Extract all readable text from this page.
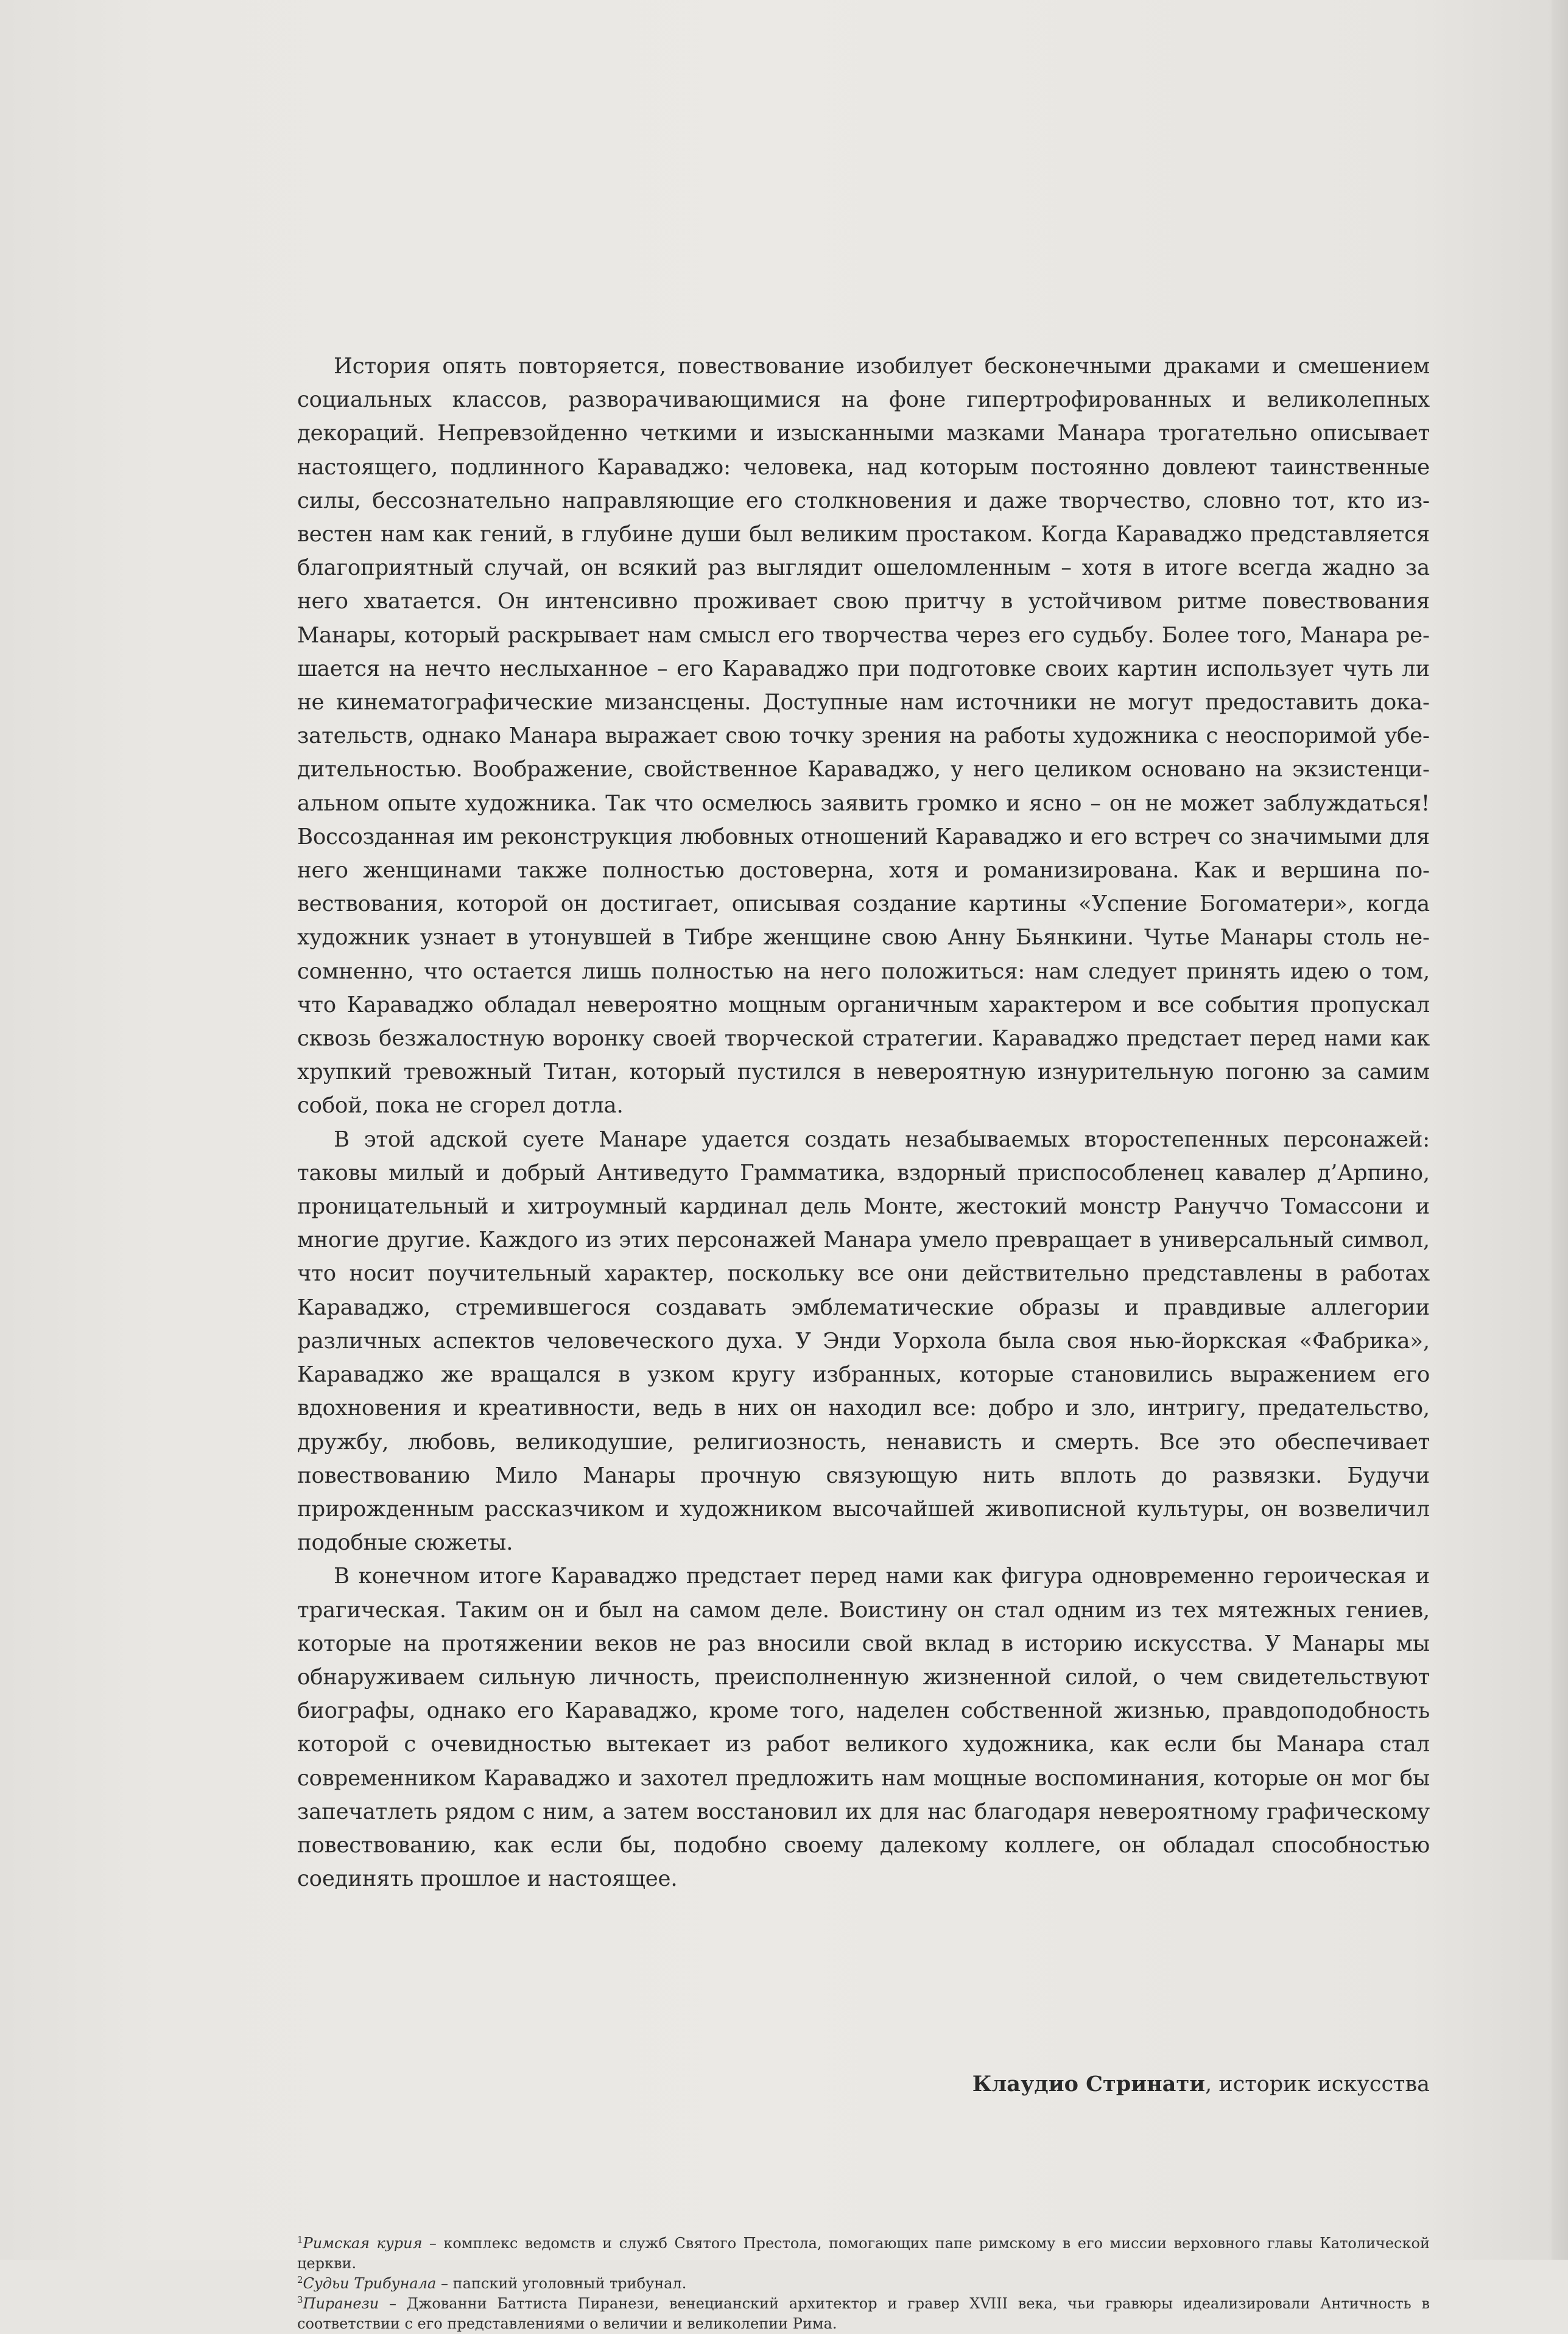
История опять повторяется, повествование изобилует бесконечными драками и смешением социальных классов, разворачивающимися на фоне гипертрофированных и великолепных декораций. Непревзойденно четкими и изысканными мазками Манара трогательно описывает настоящего, подлинного Караваджо: человека, над которым постоянно довлеют таинственные силы, бессознательно направляющие его столкновения и даже творчество, словно тот, кто известен нам как гений, в глубине души был великим простаком. Когда Караваджо представляется благоприятный случай, он всякий раз выглядит ошеломленным – хотя в итоге всегда жадно за него хватается. Он интенсивно проживает свою притчу в устойчивом ритме повествования Манары, который раскрывает нам смысл его творчества через его судьбу. Более того, Манара решается на нечто неслыханное – его Караваджо при подготовке своих картин использует чуть ли не кинематографические мизансцены. Доступные нам источники не могут предоставить доказательств, однако Манара выражает свою точку зрения на работы художника с неоспоримой убедительностью. Воображение, свойственное Караваджо, у него целиком основано на экзистенциальном опыте художника. Так что осмелюсь заявить громко и ясно – он не может заблуждаться! Воссозданная им реконструкция любовных отношений Караваджо и его встреч со значимыми для него женщинами также полностью достоверна, хотя и романизирована. Как и вершина повествования, которой он достигает, описывая создание картины «Успение Богоматери», когда художник узнает в утонувшей в Тибре женщине свою Анну Бьянкини. Чутье Манары столь несомненно, что остается лишь полностью на него положиться: нам следует принять идею о том, что Караваджо обладал невероятно мощным органичным характером и все события пропускал сквозь безжалостную воронку своей творческой стратегии. Караваджо предстает перед нами как хрупкий тревожный Титан, который пустился в невероятную изнурительную погоню за самим собой, пока не сгорел дотла.

В этой адской суете Манаре удается создать незабываемых второстепенных персонажей: таковы милый и добрый Антиведуто Грамматика, вздорный приспособленец кавалер д’Арпино, проницательный и хитроумный кардинал дель Монте, жестокий монстр Рануччо Томассони и многие другие. Каждого из этих персонажей Манара умело превращает в универсальный символ, что носит поучительный характер, поскольку все они действительно представлены в работах Караваджо, стремившегося создавать эмблематические образы и правдивые аллегории различных аспектов человеческого духа. У Энди Уорхола была своя нью-йоркская «Фабрика», Караваджо же вращался в узком кругу избранных, которые становились выражением его вдохновения и креативности, ведь в них он находил все: добро и зло, интригу, предательство, дружбу, любовь, великодушие, религиозность, ненависть и смерть. Все это обеспечивает повествованию Мило Манары прочную связующую нить вплоть до развязки. Будучи прирожденным рассказчиком и художником высочайшей живописной культуры, он возвеличил подобные сюжеты.

В конечном итоге Караваджо предстает перед нами как фигура одновременно героическая и трагическая. Таким он и был на самом деле. Воистину он стал одним из тех мятежных гениев, которые на протяжении веков не раз вносили свой вклад в историю искусства. У Манары мы обнаруживаем сильную личность, преисполненную жизненной силой, о чем свидетельствуют биографы, однако его Караваджо, кроме того, наделен собственной жизнью, правдоподобность которой с очевидностью вытекает из работ великого художника, как если бы Манара стал современником Караваджо и захотел предложить нам мощные воспоминания, которые он мог бы запечатлеть рядом с ним, а затем восстановил их для нас благодаря невероятному графическому повествованию, как если бы, подобно своему далекому коллеге, он обладал способностью соединять прошлое и настоящее.

Клаудио Стринати, историк искусства

$^1$Римская курия – комплекс ведомств и служб Святого Престола, помогающих папе римскому в его миссии верховного главы Католической церкви.

$^2$Судьи Трибунала – папский уголовный трибунал.

$^3$Пиранези – Джованни Баттиста Пиранези, венецианский архитектор и гравер XVIII века, чьи гравюры идеализировали Античность в соответствии с его представлениями о величии и великолепии Рима.
